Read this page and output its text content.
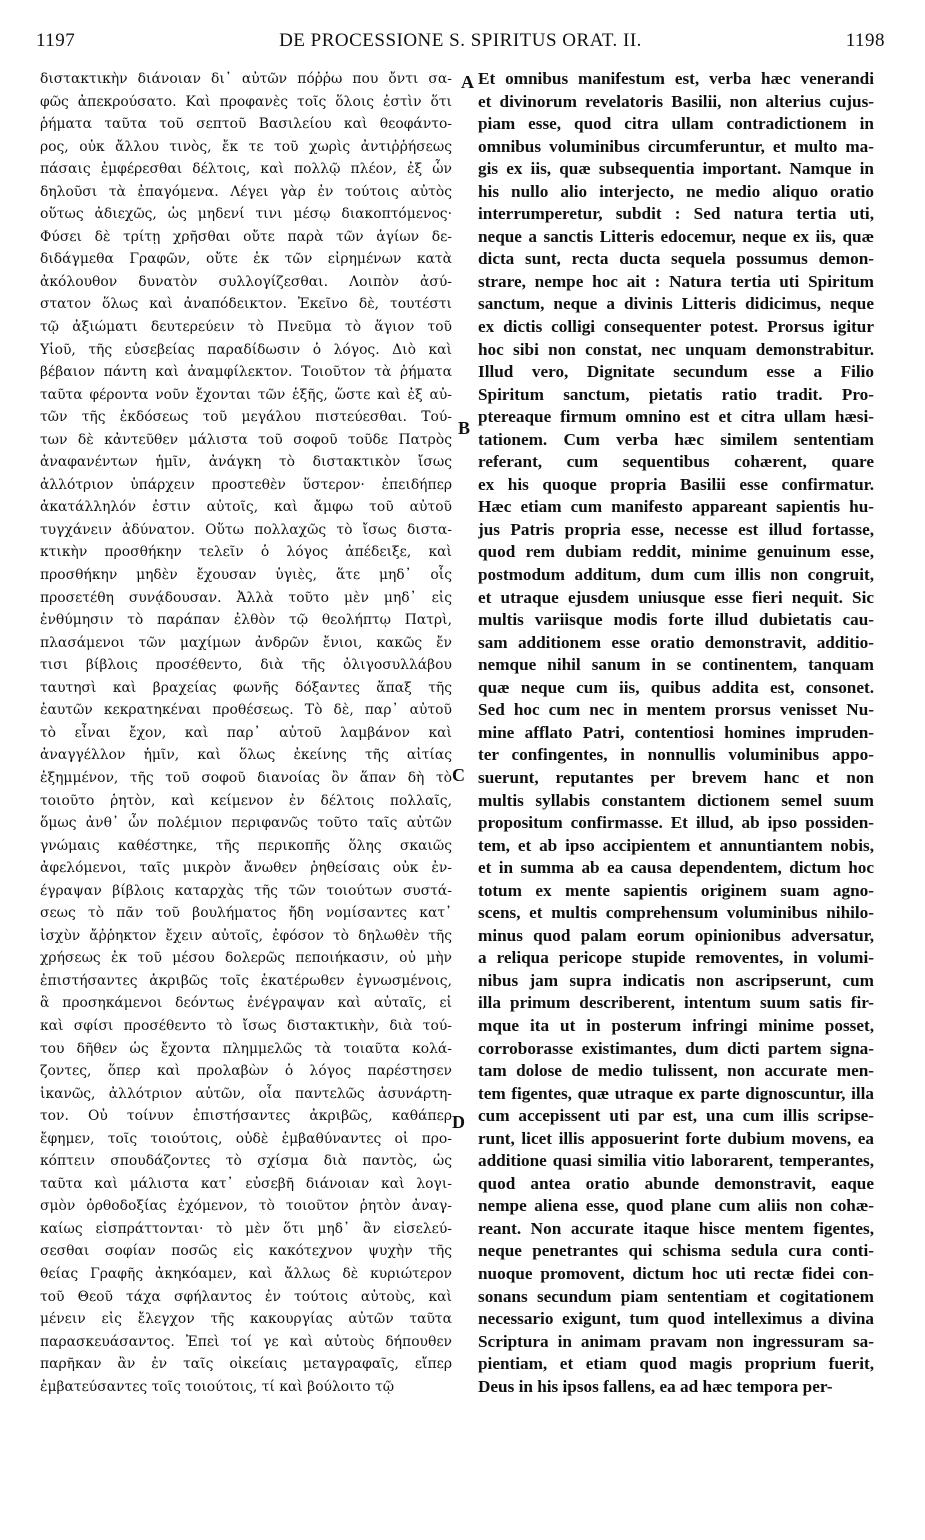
1197	DE PROCESSIONE S. SPIRITUS ORAT. II.	1198
διστακτικὴν διάνοιαν δι᾽ αὐτῶν πόῤῥω που ὄντι σα-
φῶς ἀπεκρούσατο. Καὶ προφανὲς τοῖς ὅλοις ἐστὶν ὅτι
ῥήματα ταῦτα τοῦ σεπτοῦ Βασιλείου καὶ θεοφάντο-
ρος, οὐκ ἄλλου τινὸς, ἔκ τε τοῦ χωρὶς ἀντιῤῥήσεως
πάσαις ἐμφέρεσθαι δέλτοις, καὶ πολλῷ πλέον, ἐξ ὧν
δηλοῦσι τὰ ἐπαγόμενα. Λέγει γὰρ ἐν τούτοις αὐτὸς
οὕτως ἀδιεχῶς, ὡς μηδενί τινι μέσῳ διακοπτόμενος·
Φύσει δὲ τρίτῃ χρῆσθαι οὔτε παρὰ τῶν ἁγίων δε-
διδάγμεθα Γραφῶν, οὔτε ἐκ τῶν εἰρημένων κατὰ
ἀκόλουθον δυνατὸν συλλογίζεσθαι. Λοιπὸν ἀσύ-
στατον ὅλως καὶ ἀναπόδεικτον. Ἐκεῖνο δὲ, τουτέστι
τῷ ἀξιώματι δευτερεύειν τὸ Πνεῦμα τὸ ἅγιον τοῦ
Υἱοῦ, τῆς εὐσεβείας παραδίδωσιν ὁ λόγος. Διὸ καὶ
βέβαιον πάντη καὶ ἀναμφίλεκτον. Τοιοῦτον τὰ ῥήματα
ταῦτα φέροντα νοῦν ἔχονται τῶν ἑξῆς, ὥστε καὶ ἐξ αὐ-
τῶν τῆς ἐκδόσεως τοῦ μεγάλου πιστεύεσθαι. Τού-
των δὲ κἀντεῦθεν μάλιστα τοῦ σοφοῦ τοῦδε Πατρὸς
ἀναφανέντων ἡμῖν, ἀνάγκη τὸ διστακτικὸν ἴσως
ἀλλότριον ὑπάρχειν προστεθὲν ὕστερον· ἐπειδήπερ
ἀκατάλληλόν ἐστιν αὐτοῖς, καὶ ἄμφω τοῦ αὐτοῦ
τυγχάνειν ἀδύνατον. Οὕτω πολλαχῶς τὸ ἴσως διστα-
κτικὴν προσθήκην τελεῖν ὁ λόγος ἀπέδειξε, καὶ
προσθήκην μηδὲν ἔχουσαν ὑγιὲς, ἅτε μηδ᾽ οἷς
προσετέθη συνᾴδουσαν. Ἀλλὰ τοῦτο μὲν μηδ᾽ εἰς
ἐνθύμησιν τὸ παράπαν ἐλθὸν τῷ θεολήπτῳ Πατρὶ,
πλασάμενοι τῶν μαχίμων ἀνδρῶν ἔνιοι, κακῶς ἔν
τισι βίβλοις προσέθεντο, διὰ τῆς ὀλιγοσυλλάβου
ταυτησὶ καὶ βραχείας φωνῆς δόξαντες ἅπαξ τῆς
ἑαυτῶν κεκρατηκέναι προθέσεως. Τὸ δὲ, παρ᾽ αὐτοῦ
τὸ εἶναι ἔχον, καὶ παρ᾽ αὐτοῦ λαμβάνον καὶ
ἀναγγέλλον ἡμῖν, καὶ ὅλως ἐκείνης τῆς αἰτίας
ἐξημμένον, τῆς τοῦ σοφοῦ διανοίας ὂν ἅπαν δὴ τὸ
τοιοῦτο ῥητὸν, καὶ κείμενον ἐν δέλτοις πολλαῖς,
ὅμως ἀνθ᾽ ὧν πολέμιον περιφανῶς τοῦτο ταῖς αὐτῶν
γνώμαις καθέστηκε, τῆς περικοπῆς ὅλης σκαιῶς
ἀφελόμενοι, ταῖς μικρὸν ἄνωθεν ῥηθείσαις οὐκ ἐν-
έγραψαν βίβλοις καταρχὰς τῆς τῶν τοιούτων συστά-
σεως τὸ πᾶν τοῦ βουλήματος ἤδη νομίσαντες κατ᾽
ἰσχὺν ἄῤῥηκτον ἔχειν αὐτοῖς, ἐφόσον τὸ δηλωθὲν τῆς
χρήσεως ἐκ τοῦ μέσου δολερῶς πεποιήκασιν, οὐ μὴν
ἐπιστήσαντες ἀκριβῶς τοῖς ἑκατέρωθεν ἐγνωσμένοις,
ἃ προσηκάμενοι δεόντως ἐνέγραψαν καὶ αὐταῖς, εἰ
καὶ σφίσι προσέθεντο τὸ ἴσως διστακτικὴν, διὰ τού-
του δῆθεν ὡς ἔχοντα πλημμελῶς τὰ τοιαῦτα κολά-
ζοντες, ὅπερ καὶ προλαβὼν ὁ λόγος παρέστησεν
ἱκανῶς, ἀλλότριον αὐτῶν, οἷα παντελῶς ἀσυνάρτη-
τον. Οὐ τοίνυν ἐπιστήσαντες ἀκριβῶς, καθάπερ
ἔφημεν, τοῖς τοιούτοις, οὐδὲ ἐμβαθύναντες οἱ προ-
κόπτειν σπουδάζοντες τὸ σχίσμα διὰ παντὸς, ὡς
ταῦτα καὶ μάλιστα κατ᾽ εὐσεβῆ διάνοιαν καὶ λογι-
σμὸν ὀρθοδοξίας ἐχόμενον, τὸ τοιοῦτον ῥητὸν ἀναγ-
καίως εἰσπράττονται· τὸ μὲν ὅτι μηδ᾽ ἂν εἰσελεύ-
σεσθαι σοφίαν ποσῶς εἰς κακότεχνον ψυχὴν τῆς
θείας Γραφῆς ἀκηκόαμεν, καὶ ἄλλως δὲ κυριώτερον
τοῦ Θεοῦ τάχα σφήλαντος ἐν τούτοις αὐτοὺς, καὶ
μένειν εἰς ἔλεγχον τῆς κακουργίας αὐτῶν ταῦτα
παρασκευάσαντος. Ἐπεὶ τοί γε καὶ αὐτοὺς δήπουθεν
παρῆκαν ἂν ἐν ταῖς οἰκείαις μεταγραφαῖς, εἴπερ
ἐμβατεύσαντες τοῖς τοιούτοις, τί καὶ βούλοιτο τῷ
Et omnibus manifestum est, verba hæc venerandi
et divinorum revelatoris Basilii, non alterius cujus-
piam esse, quod citra ullam contradictionem in
omnibus voluminibus circumferuntur, et multo ma-
gis ex iis, quæ subsequentia important. Namque in
his nullo alio interjecto, ne medio aliquo oratio
interrumperetur, subdit : Sed natura tertia uti,
neque a sanctis Litteris edocemur, neque ex iis, quæ
dicta sunt, recta ducta sequela possumus demon-
strare, nempe hoc ait : Natura tertia uti Spiritum
sanctum, neque a divinis Litteris didicimus, neque
ex dictis colligi consequenter potest. Prorsus igitur
hoc sibi non constat, nec unquam demonstrabitur.
Illud vero, Dignitate secundum esse a Filio
Spiritum sanctum, pietatis ratio tradit. Pro-
ptereaque firmum omnino est et citra ullam hæsi-
tationem. Cum verba hæc similem sententiam
referant, cum sequentibus cohærent, quare
ex his quoque propria Basilii esse confirmatur.
Hæc etiam cum manifesto appareant sapientis hu-
jus Patris propria esse, necesse est illud fortasse,
quod rem dubiam reddit, minime genuinum esse,
postmodum additum, dum cum illis non congruit,
et utraque ejusdem uniusque esse fieri nequit. Sic
multis variisque modis forte illud dubietatis cau-
sam additionem esse oratio demonstravit, additio-
nemque nihil sanum in se continentem, tanquam
quæ neque cum iis, quibus addita est, consonet.
Sed hoc cum nec in mentem prorsus venisset Nu-
mine afflato Patri, contentiosi homines impruden-
ter confingentes, in nonnullis voluminibus appo-
suerunt, reputantes per brevem hanc et non
multis syllabis constantem dictionem semel suum
propositum confirmasse. Et illud, ab ipso possiden-
tem, et ab ipso accipientem et annuntiantem nobis,
et in summa ab ea causa dependentem, dictum hoc
totum ex mente sapientis originem suam agno-
scens, et multis comprehensum voluminibus nihilo-
minus quod palam eorum opinionibus adversatur,
a reliqua pericope stupide removentes, in volumi-
nibus jam supra indicatis non ascripserunt, cum
illa primum describerent, intentum suum satis fir-
mque ita ut in posterum infringi minime posset,
corroborasse existimantes, dum dicti partem signa-
tam dolose de medio tulissent, non accurate men-
tem figentes, quæ utraque ex parte dignoscuntur, illa
cum accepissent uti par est, una cum illis scripse-
runt, licet illis apposuerint forte dubium movens, ea
additione quasi similia vitio laborarent, temperantes,
quod antea oratio abunde demonstravit, eaque
nempe aliena esse, quod plane cum aliis non cohæ-
reant. Non accurate itaque hisce mentem figentes,
neque penetrantes qui schisma sedula cura conti-
nuoque promovent, dictum hoc uti rectæ fidei con-
sonans secundum piam sententiam et cogitationem
necessario exigunt, tum quod intelleximus a divina
Scriptura in animam pravam non ingressuram sa-
pientiam, et etiam quod magis proprium fuerit,
Deus in his ipsos fallens, ea ad hæc tempora per-
A
B
C
D
